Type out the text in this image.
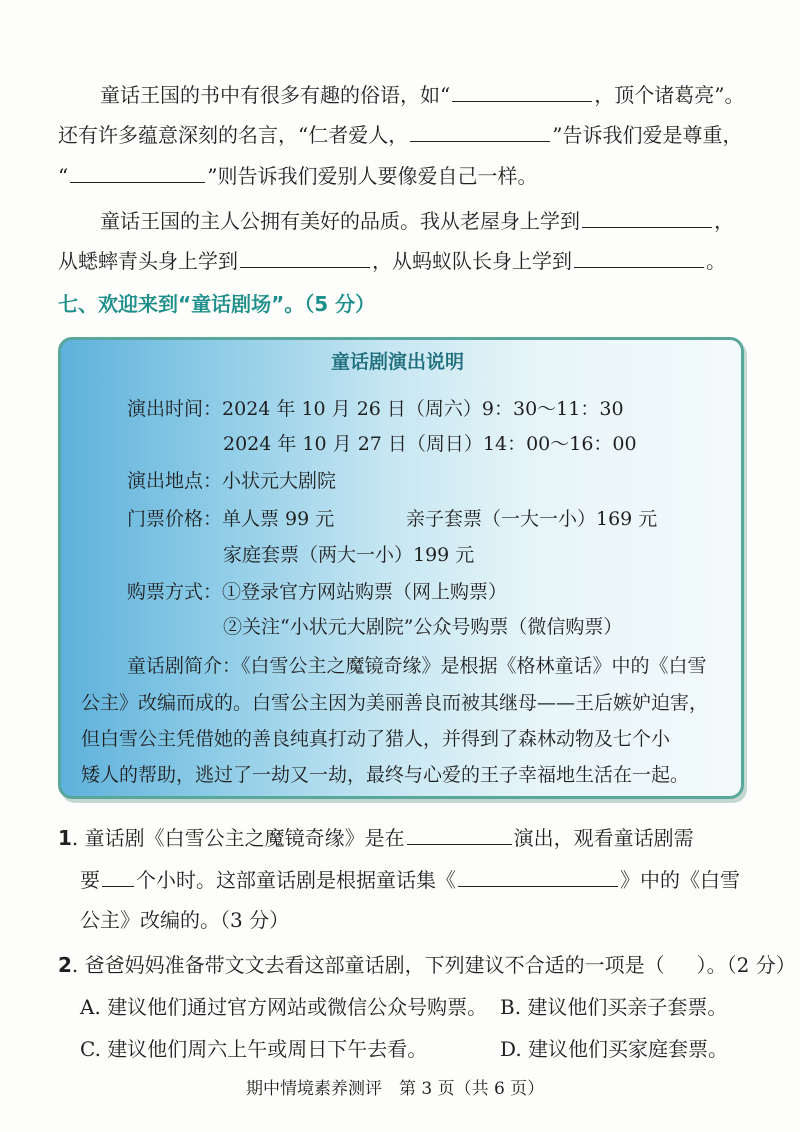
童话王国的书中有很多有趣的俗语，如“	，顶个诸葛亮”。
还有许多蕴意深刻的名言，“仁者爱人，	”告诉我们爱是尊重，
“	”则告诉我们爱别人要像爱自己一样。
童话王国的主人公拥有美好的品质。我从老屋身上学到	，
从蟋蟀青头身上学到	，从蚂蚁队长身上学到	。
七、欢迎来到“童话剧场”。（5 分）
童话剧演出说明
演出时间：2024 年 10 月 26 日（周六）9：30～11：30
2024 年 10 月 27 日（周日）14：00～16：00
演出地点：小状元大剧院
门票价格：单人票 99 元	亲子套票（一大一小）169 元
家庭套票（两大一小）199 元
购票方式：①登录官方网站购票（网上购票）
②关注“小状元大剧院”公众号购票（微信购票）
童话剧简介：《白雪公主之魔镜奇缘》是根据《格林童话》中的《白雪
公主》改编而成的。白雪公主因为美丽善良而被其继母——王后嫉妒迫害，
但白雪公主凭借她的善良纯真打动了猎人，并得到了森林动物及七个小
矮人的帮助，逃过了一劫又一劫，最终与心爱的王子幸福地生活在一起。
1. 童话剧《白雪公主之魔镜奇缘》是在	演出，观看童话剧需
要 个小时。这部童话剧是根据童话集《	》中的《白雪
公主》改编的。（3 分）
2. 爸爸妈妈准备带文文去看这部童话剧，下列建议不合适的一项是（ ）。（2 分）
A. 建议他们通过官方网站或微信公众号购票。 B. 建议他们买亲子套票。
C. 建议他们周六上午或周日下午去看。	D. 建议他们买家庭套票。
期中情境素养测评　第 3 页（共 6 页）
